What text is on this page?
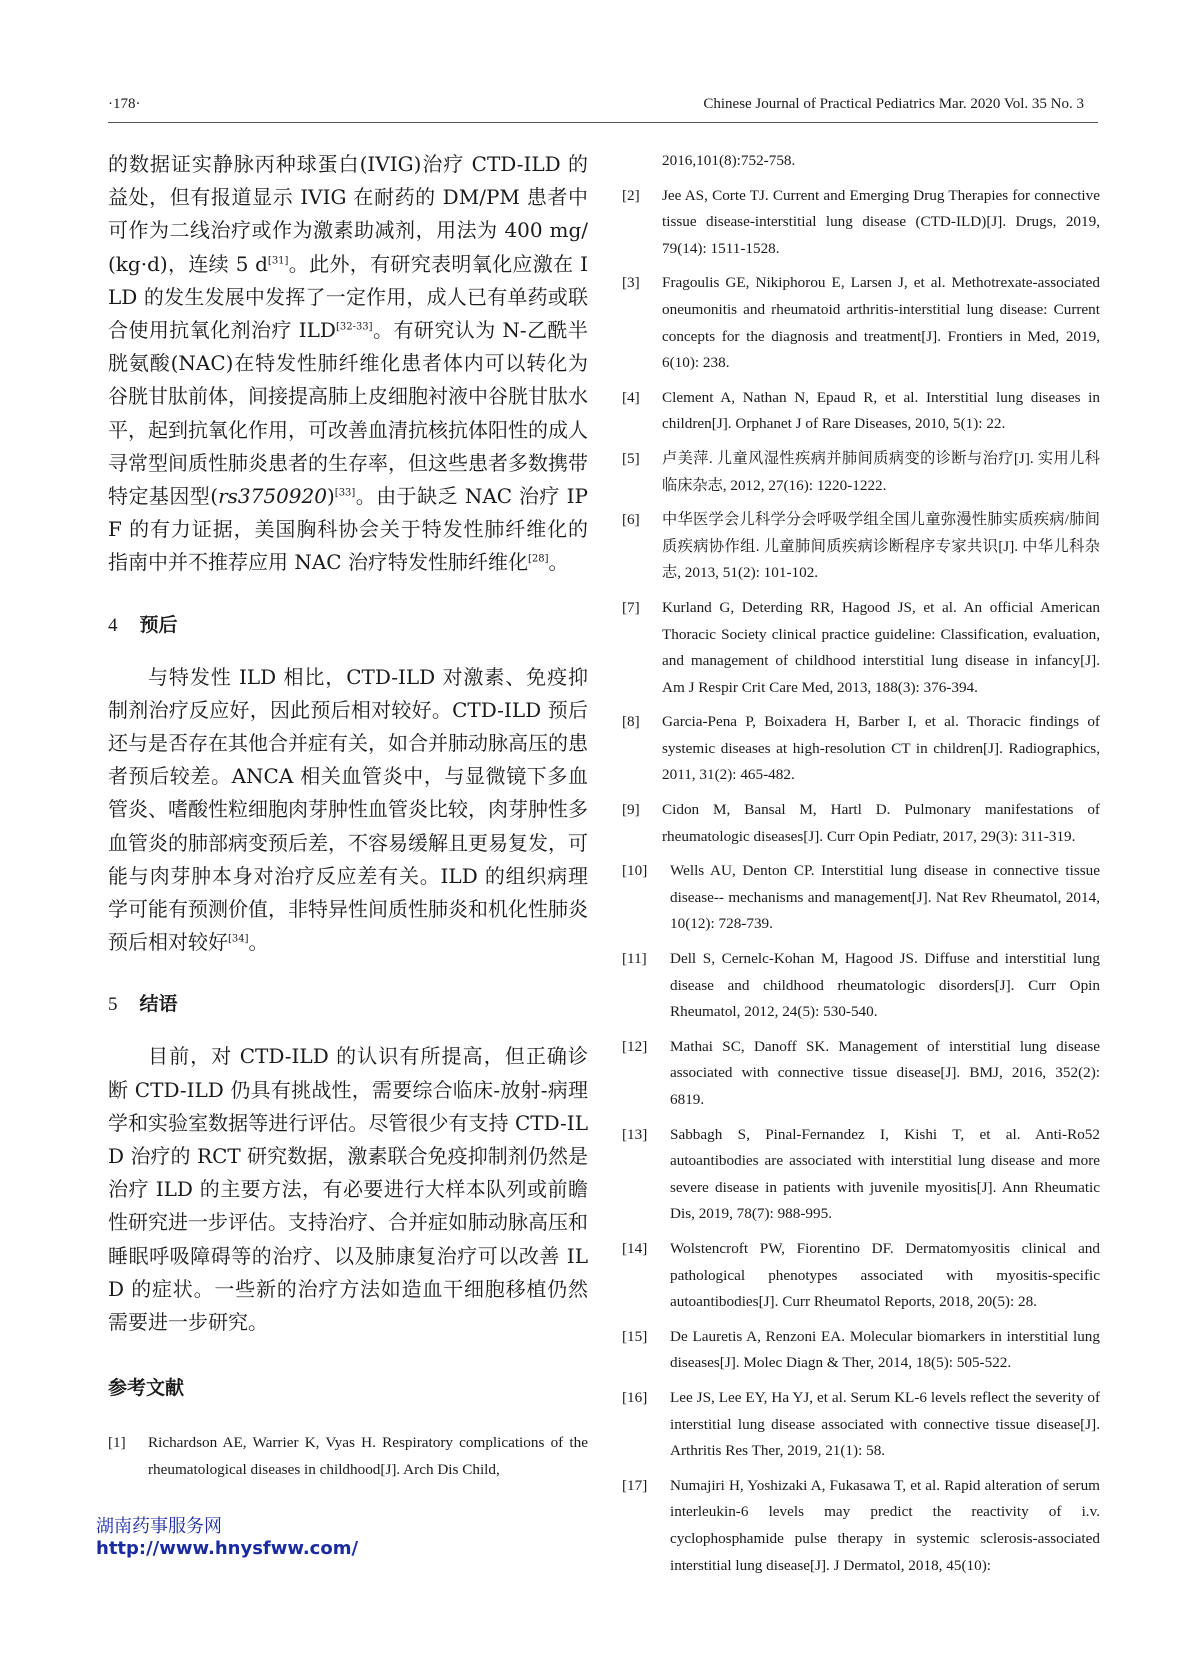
·178·	Chinese Journal of Practical Pediatrics Mar. 2020 Vol. 35 No. 3

的数据证实静脉丙种球蛋白(IVIG)治疗 CTD-ILD 的益处，但有报道显示 IVIG 在耐药的 DM/PM 患者中可作为二线治疗或作为激素助减剂，用法为 400 mg/(kg·d)，连续 5 d[31]。此外，有研究表明氧化应激在 ILD 的发生发展中发挥了一定作用，成人已有单药或联合使用抗氧化剂治疗 ILD[32-33]。有研究认为 N-乙酰半胱氨酸(NAC)在特发性肺纤维化患者体内可以转化为谷胱甘肽前体，间接提高肺上皮细胞衬液中谷胱甘肽水平，起到抗氧化作用，可改善血清抗核抗体阳性的成人寻常型间质性肺炎患者的生存率，但这些患者多数携带特定基因型(rs3750920)[33]。由于缺乏 NAC 治疗 IPF 的有力证据，美国胸科协会关于特发性肺纤维化的指南中并不推荐应用 NAC 治疗特发性肺纤维化[28]。

4 预后

与特发性 ILD 相比，CTD-ILD 对激素、免疫抑制剂治疗反应好，因此预后相对较好。CTD-ILD 预后还与是否存在其他合并症有关，如合并肺动脉高压的患者预后较差。ANCA 相关血管炎中，与显微镜下多血管炎、嗜酸性粒细胞肉芽肿性血管炎比较，肉芽肿性多血管炎的肺部病变预后差，不容易缓解且更易复发，可能与肉芽肿本身对治疗反应差有关。ILD 的组织病理学可能有预测价值，非特异性间质性肺炎和机化性肺炎预后相对较好[34]。

5 结语

目前，对 CTD-ILD 的认识有所提高，但正确诊断 CTD-ILD 仍具有挑战性，需要综合临床-放射-病理学和实验室数据等进行评估。尽管很少有支持 CTD-ILD 治疗的 RCT 研究数据，激素联合免疫抑制剂仍然是治疗 ILD 的主要方法，有必要进行大样本队列或前瞻性研究进一步评估。支持治疗、合并症如肺动脉高压和睡眠呼吸障碍等的治疗、以及肺康复治疗可以改善 ILD 的症状。一些新的治疗方法如造血干细胞移植仍然需要进一步研究。

参考文献

[1] Richardson AE, Warrier K, Vyas H. Respiratory complications of the rheumatological diseases in childhood[J]. Arch Dis Child,

2016,101(8):752-758.

[2] Jee AS, Corte TJ. Current and Emerging Drug Therapies for connective tissue disease-interstitial lung disease (CTD-ILD)[J]. Drugs, 2019, 79(14): 1511-1528.

[3] Fragoulis GE, Nikiphorou E, Larsen J, et al. Methotrexate-associated oneumonitis and rheumatoid arthritis-interstitial lung disease: Current concepts for the diagnosis and treatment[J]. Frontiers in Med, 2019, 6(10): 238.

[4] Clement A, Nathan N, Epaud R, et al. Interstitial lung diseases in children[J]. Orphanet J of Rare Diseases, 2010, 5(1): 22.

[5] 卢美萍. 儿童风湿性疾病并肺间质病变的诊断与治疗[J]. 实用儿科临床杂志, 2012, 27(16): 1220-1222.

[6] 中华医学会儿科学分会呼吸学组全国儿童弥漫性肺实质疾病/肺间质疾病协作组. 儿童肺间质疾病诊断程序专家共识[J]. 中华儿科杂志, 2013, 51(2): 101-102.

[7] Kurland G, Deterding RR, Hagood JS, et al. An official American Thoracic Society clinical practice guideline: Classification, evaluation, and management of childhood interstitial lung disease in infancy[J]. Am J Respir Crit Care Med, 2013, 188(3): 376-394.

[8] Garcia-Pena P, Boixadera H, Barber I, et al. Thoracic findings of systemic diseases at high-resolution CT in children[J]. Radiographics, 2011, 31(2): 465-482.

[9] Cidon M, Bansal M, Hartl D. Pulmonary manifestations of rheumatologic diseases[J]. Curr Opin Pediatr, 2017, 29(3): 311-319.

[10] Wells AU, Denton CP. Interstitial lung disease in connective tissue disease-- mechanisms and management[J]. Nat Rev Rheumatol, 2014, 10(12): 728-739.

[11] Dell S, Cernelc-Kohan M, Hagood JS. Diffuse and interstitial lung disease and childhood rheumatologic disorders[J]. Curr Opin Rheumatol, 2012, 24(5): 530-540.

[12] Mathai SC, Danoff SK. Management of interstitial lung disease associated with connective tissue disease[J]. BMJ, 2016, 352(2): 6819.

[13] Sabbagh S, Pinal-Fernandez I, Kishi T, et al. Anti-Ro52 autoantibodies are associated with interstitial lung disease and more severe disease in patients with juvenile myositis[J]. Ann Rheumatic Dis, 2019, 78(7): 988-995.

[14] Wolstencroft PW, Fiorentino DF. Dermatomyositis clinical and pathological phenotypes associated with myositis-specific autoantibodies[J]. Curr Rheumatol Reports, 2018, 20(5): 28.

[15] De Lauretis A, Renzoni EA. Molecular biomarkers in interstitial lung diseases[J]. Molec Diagn & Ther, 2014, 18(5): 505-522.

[16] Lee JS, Lee EY, Ha YJ, et al. Serum KL-6 levels reflect the severity of interstitial lung disease associated with connective tissue disease[J]. Arthritis Res Ther, 2019, 21(1): 58.

[17] Numajiri H, Yoshizaki A, Fukasawa T, et al. Rapid alteration of serum interleukin-6 levels may predict the reactivity of i.v. cyclophosphamide pulse therapy in systemic sclerosis-associated interstitial lung disease[J]. J Dermatol, 2018, 45(10):

湖南药事服务网
http://www.hnysfww.com/
